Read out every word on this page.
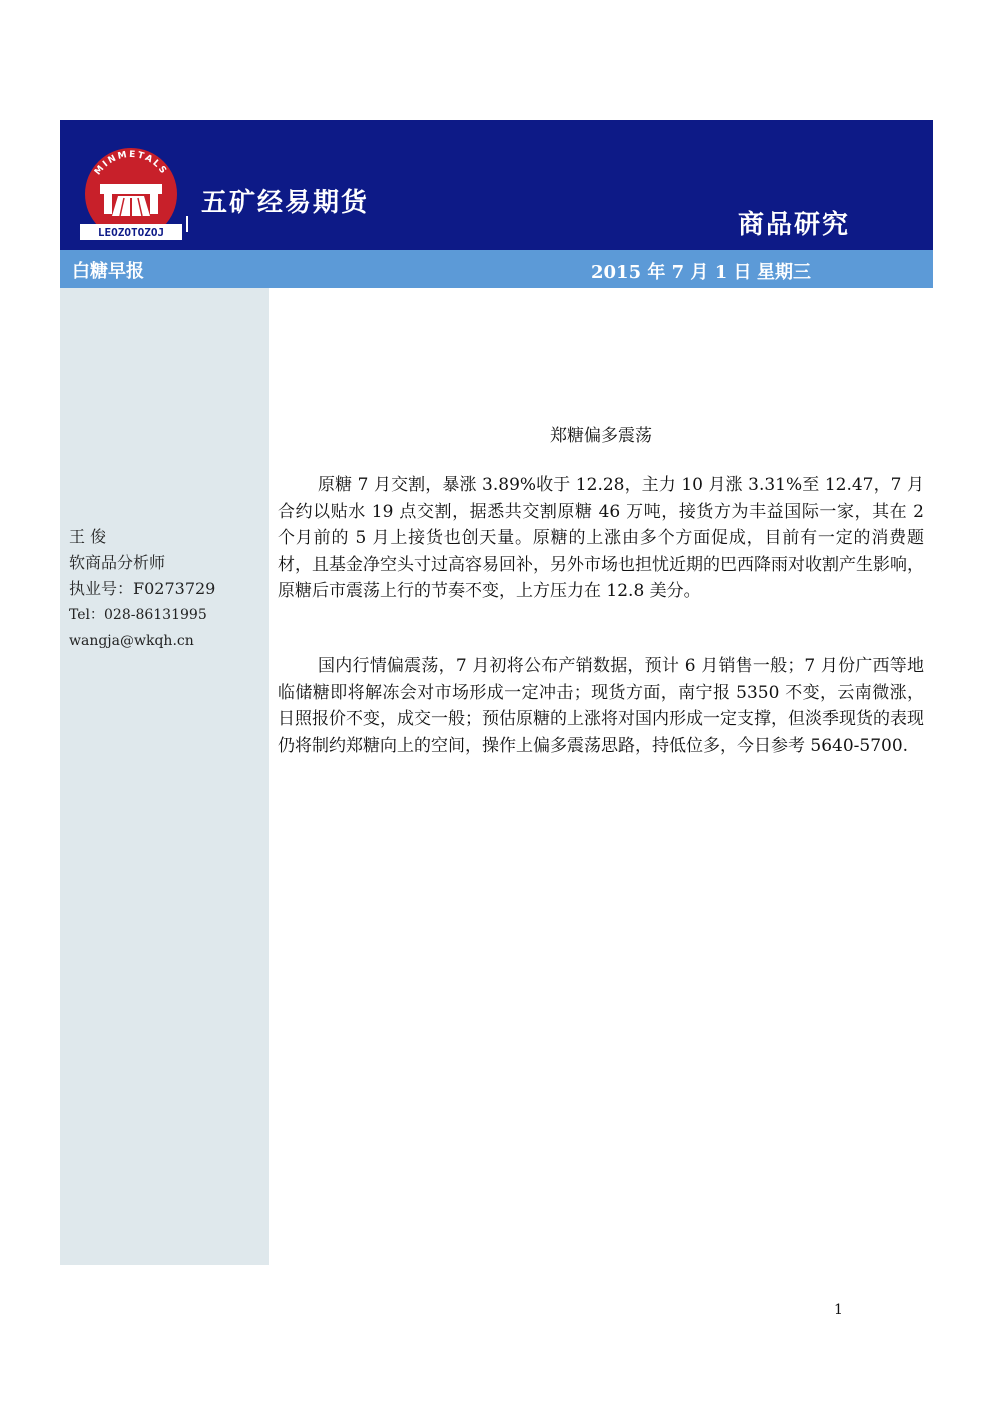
MINMETALS
LEOZOTOZOJ
五矿经易期货
商品研究
白糖早报	2015 年 7 月 1 日 星期三
王 俊
软商品分析师
执业号：F0273729
Tel：028-86131995
wangja@wkqh.cn
郑糖偏多震荡

原糖 7 月交割，暴涨 3.89%收于 12.28，主力 10 月涨 3.31%至 12.47，7 月合约以贴水 19 点交割，据悉共交割原糖 46 万吨，接货方为丰益国际一家，其在 2 个月前的 5 月上接货也创天量。原糖的上涨由多个方面促成，目前有一定的消费题材，且基金净空头寸过高容易回补，另外市场也担忧近期的巴西降雨对收割产生影响，原糖后市震荡上行的节奏不变，上方压力在 12.8 美分。

国内行情偏震荡，7 月初将公布产销数据，预计 6 月销售一般；7 月份广西等地临储糖即将解冻会对市场形成一定冲击；现货方面，南宁报 5350 不变，云南微涨，日照报价不变，成交一般；预估原糖的上涨将对国内形成一定支撑，但淡季现货的表现仍将制约郑糖向上的空间，操作上偏多震荡思路，持低位多，今日参考 5640-5700.

1
